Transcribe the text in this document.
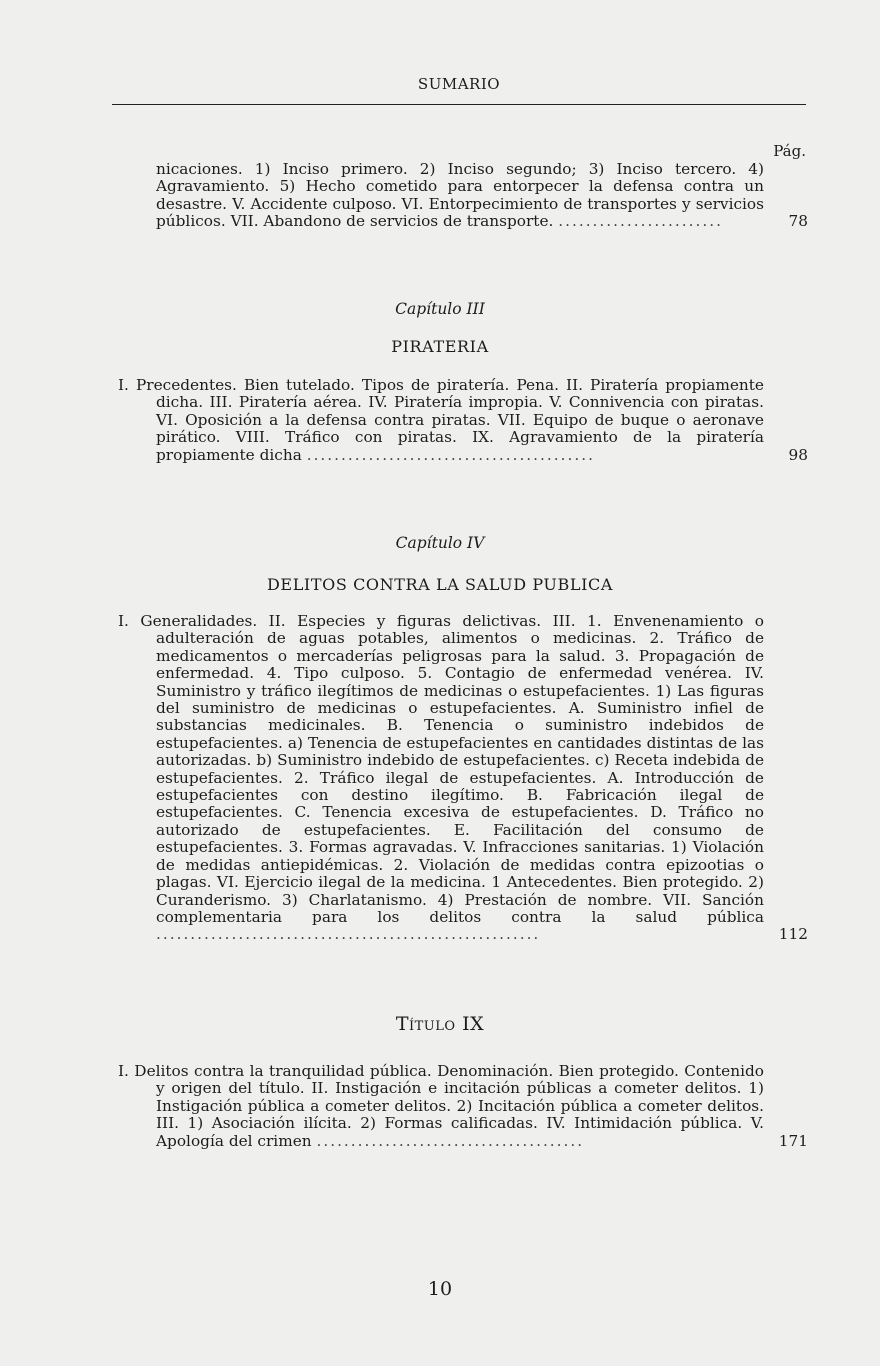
SUMARIO
Pág.
nicaciones. 1) Inciso primero. 2) Inciso segundo; 3) Inciso tercero. 4) Agravamiento. 5) Hecho cometido para entorpecer la defensa contra un desastre. V. Accidente culposo. VI. Entorpecimiento de transportes y servicios públicos. VII. Abandono de servicios de transporte. ........................	78
Capítulo III
PIRATERIA
I. Precedentes. Bien tutelado. Tipos de piratería. Pena. II. Piratería propiamente dicha. III. Piratería aérea. IV. Piratería impropia. V. Connivencia con piratas. VI. Oposición a la defensa contra piratas. VII. Equipo de buque o aeronave pirático. VIII. Tráfico con piratas. IX. Agravamiento de la piratería propiamente dicha ..........................................	98
Capítulo IV
DELITOS CONTRA LA SALUD PUBLICA
I. Generalidades. II. Especies y figuras delictivas. III. 1. Envenenamiento o adulteración de aguas potables, alimentos o medicinas. 2. Tráfico de medicamentos o mercaderías peligrosas para la salud. 3. Propagación de enfermedad. 4. Tipo culposo. 5. Contagio de enfermedad venérea. IV. Suministro y tráfico ilegítimos de medicinas o estupefacientes. 1) Las figuras del suministro de medicinas o estupefacientes. A. Suministro infiel de substancias medicinales. B. Tenencia o suministro indebidos de estupefacientes. a) Tenencia de estupefacientes en cantidades distintas de las autorizadas. b) Suministro indebido de estupefacientes. c) Receta indebida de estupefacientes. 2. Tráfico ilegal de estupefacientes. A. Introducción de estupefacientes con destino ilegítimo. B. Fabricación ilegal de estupefacientes. C. Tenencia excesiva de estupefacientes. D. Tráfico no autorizado de estupefacientes. E. Facilitación del consumo de estupefacientes. 3. Formas agravadas. V. Infracciones sanitarias. 1) Violación de medidas antiepidémicas. 2. Violación de medidas contra epizootias o plagas. VI. Ejercicio ilegal de la medicina. 1 Antecedentes. Bien protegido. 2) Curanderismo. 3) Charlatanismo. 4) Prestación de nombre. VII. Sanción complementaria para los delitos contra la salud pública ........................................................	112
Título IX
I. Delitos contra la tranquilidad pública. Denominación. Bien protegido. Contenido y origen del título. II. Instigación e incitación públicas a cometer delitos. 1) Instigación pública a cometer delitos. 2) Incitación pública a cometer delitos. III. 1) Asociación ilícita. 2) Formas calificadas. IV. Intimidación pública. V. Apología del crimen .......................................	171
10
